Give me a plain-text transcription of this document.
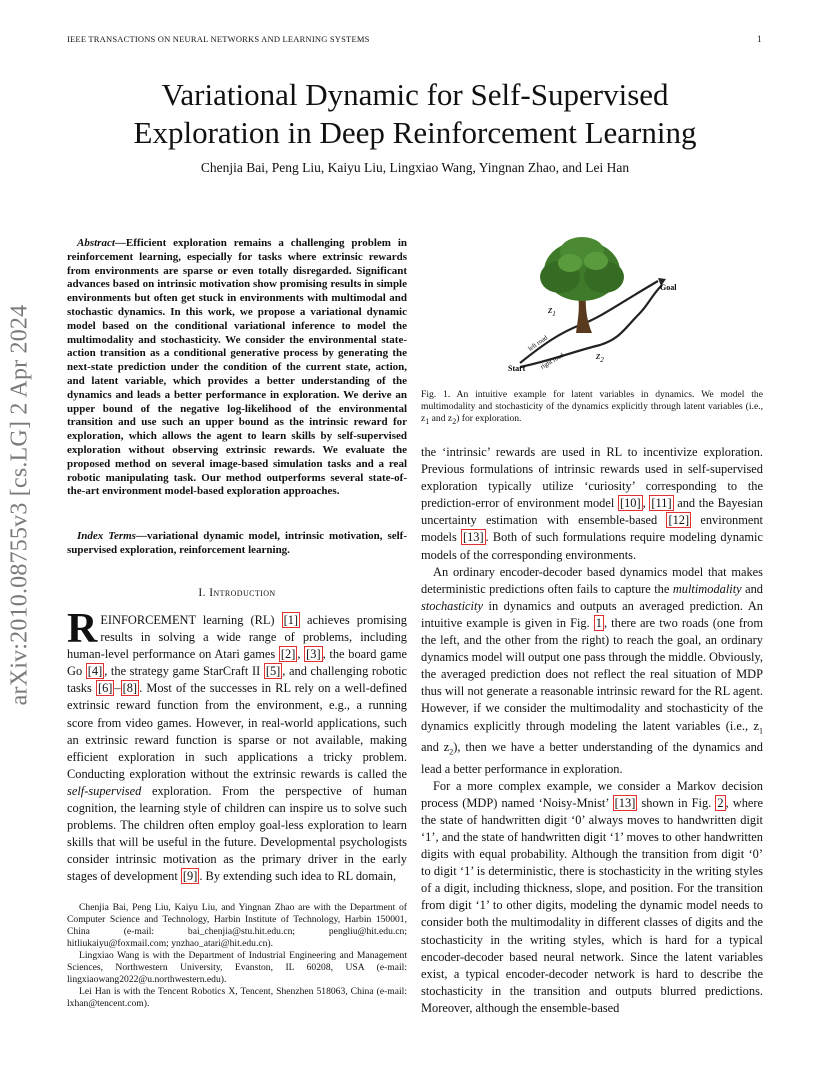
IEEE TRANSACTIONS ON NEURAL NETWORKS AND LEARNING SYSTEMS	1
Variational Dynamic for Self-Supervised
Exploration in Deep Reinforcement Learning
Chenjia Bai, Peng Liu, Kaiyu Liu, Lingxiao Wang, Yingnan Zhao, and Lei Han
arXiv:2010.08755v3 [cs.LG] 2 Apr 2024
Abstract—Efficient exploration remains a challenging problem in reinforcement learning, especially for tasks where extrinsic rewards from environments are sparse or even totally disregarded. Significant advances based on intrinsic motivation show promising results in simple environments but often get stuck in environments with multimodal and stochastic dynamics. In this work, we propose a variational dynamic model based on the conditional variational inference to model the multimodality and stochasticity. We consider the environmental state-action transition as a conditional generative process by generating the next-state prediction under the condition of the current state, action, and latent variable, which provides a better understanding of the dynamics and leads a better performance in exploration. We derive an upper bound of the negative log-likelihood of the environmental transition and use such an upper bound as the intrinsic reward for exploration, which allows the agent to learn skills by self-supervised exploration without observing extrinsic rewards. We evaluate the proposed method on several image-based simulation tasks and a real robotic manipulating task. Our method outperforms several state-of-the-art environment model-based exploration approaches.
Index Terms—variational dynamic model, intrinsic motivation, self-supervised exploration, reinforcement learning.
I. Introduction
REINFORCEMENT learning (RL) [1] achieves promising results in solving a wide range of problems, including human-level performance on Atari games [2] , [3] , the board game Go [4] , the strategy game StarCraft II [5] , and challenging robotic tasks [6] – [8] . Most of the successes in RL rely on a well-defined extrinsic reward function from the environment, e.g., a running score from video games. However, in real-world applications, such an extrinsic reward function is sparse or not available, making efficient exploration in such applications a tricky problem. Conducting exploration without the extrinsic rewards is called the self-supervised exploration. From the perspective of human cognition, the learning style of children can inspire us to solve such problems. The children often employ goal-less exploration to learn skills that will be useful in the future. Developmental psychologists consider intrinsic motivation as the primary driver in the early stages of development [9] . By extending such idea to RL domain,

Chenjia Bai, Peng Liu, Kaiyu Liu, and Yingnan Zhao are with the Department of Computer Science and Technology, Harbin Institute of Technology, Harbin 150001, China (e-mail: bai_chenjia@stu.hit.edu.cn; pengliu@hit.edu.cn; hitliukaiyu@foxmail.com; ynzhao_atari@hit.edu.cn).

Lingxiao Wang is with the Department of Industrial Engineering and Management Sciences, Northwestern University, Evanston, IL 60208, USA (e-mail: lingxiaowang2022@u.northwestern.edu).

Lei Han is with the Tencent Robotics X, Tencent, Shenzhen 518063, China (e-mail: lxhan@tencent.com).

Goal
Start
left road
right road
$z_1$
$z_2$
Fig. 1. An intuitive example for latent variables in dynamics. We model the multimodality and stochasticity of the dynamics explicitly through latent variables (i.e., $z_1$ and $z_2$) for exploration.

the ‘intrinsic’ rewards are used in RL to incentivize exploration. Previous formulations of intrinsic rewards used in self-supervised exploration typically utilize ‘curiosity’ corresponding to the prediction-error of environment model [10] , [11] and the Bayesian uncertainty estimation with ensemble-based [12] environment models [13] . Both of such formulations require modeling dynamic models of the corresponding environments.

An ordinary encoder-decoder based dynamics model that makes deterministic predictions often fails to capture the multimodality and stochasticity in dynamics and outputs an averaged prediction. An intuitive example is given in Fig. 1 , there are two roads (one from the left, and the other from the right) to reach the goal, an ordinary dynamics model will output one pass through the middle. Obviously, the averaged prediction does not reflect the real situation of MDP thus will not generate a reasonable intrinsic reward for the RL agent. However, if we consider the multimodality and stochasticity of the dynamics explicitly through modeling the latent variables (i.e., $z_1$ and $z_2$), then we have a better understanding of the dynamics and lead a better performance in exploration.

For a more complex example, we consider a Markov decision process (MDP) named ‘Noisy-Mnist’ [13] shown in Fig. 2 , where the state of handwritten digit ‘0’ always moves to handwritten digit ‘1’, and the state of handwritten digit ‘1’ moves to other handwritten digits with equal probability. Although the transition from digit ‘0’ to digit ‘1’ is deterministic, there is stochasticity in the writing styles of a digit, including thickness, slope, and position. For the transition from digit ‘1’ to other digits, modeling the dynamic model needs to consider both the multimodality in different classes of digits and the stochasticity in the writing styles, which is hard for a typical encoder-decoder based neural network. Since the latent variables exist, a typical encoder-decoder network is hard to describe the stochasticity in the transition and outputs blurred predictions. Moreover, although the ensemble-based
